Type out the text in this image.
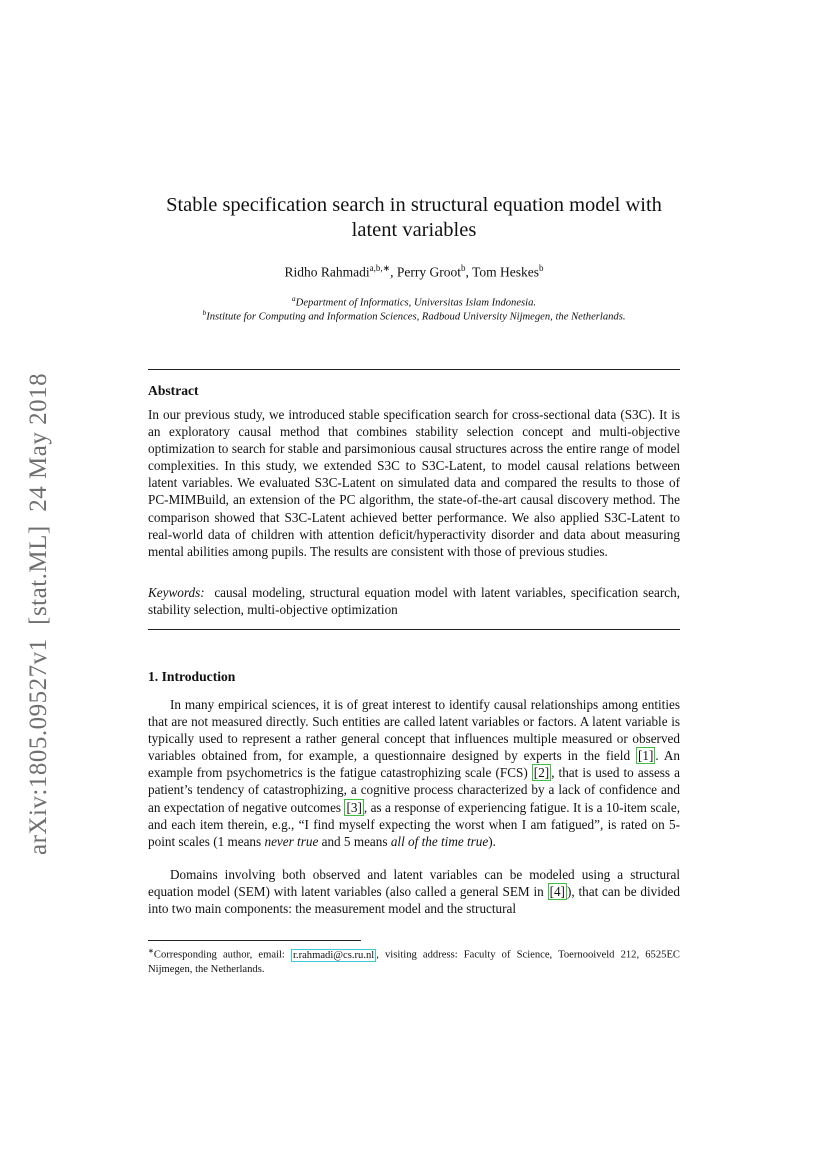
arXiv:1805.09527v1  [stat.ML]  24 May 2018
Stable specification search in structural equation model with
latent variables
Ridho Rahmadi$^{a,b,∗}$, Perry Groot$^b$, Tom Heskes$^b$
$^a$Department of Informatics, Universitas Islam Indonesia.
$^b$Institute for Computing and Information Sciences, Radboud University Nijmegen, the Netherlands.
Abstract
In our previous study, we introduced stable specification search for cross-sectional data (S3C). It is an exploratory causal method that combines stability selection concept and multi-objective optimization to search for stable and parsimonious causal structures across the entire range of model complexities. In this study, we extended S3C to S3C-Latent, to model causal relations between latent variables. We evaluated S3C-Latent on simulated data and compared the results to those of PC-MIMBuild, an extension of the PC algorithm, the state-of-the-art causal discovery method. The comparison showed that S3C-Latent achieved better performance. We also applied S3C-Latent to real-world data of children with attention deficit/hyperactivity disorder and data about measuring mental abilities among pupils. The results are consistent with those of previous studies.
Keywords: causal modeling, structural equation model with latent variables, specification search, stability selection, multi-objective optimization
1. Introduction
In many empirical sciences, it is of great interest to identify causal relationships among entities that are not measured directly. Such entities are called latent variables or factors. A latent variable is typically used to represent a rather general concept that influences multiple measured or observed variables obtained from, for example, a questionnaire designed by experts in the field [1] . An example from psychometrics is the fatigue catastrophizing scale (FCS) [2] , that is used to assess a patient’s tendency of catastrophizing, a cognitive process characterized by a lack of confidence and an expectation of negative outcomes [3] , as a response of experiencing fatigue. It is a 10-item scale, and each item therein, e.g., “I find myself expecting the worst when I am fatigued”, is rated on 5-point scales (1 means never true and 5 means all of the time true).
Domains involving both observed and latent variables can be modeled using a structural equation model (SEM) with latent variables (also called a general SEM in [4] ), that can be divided into two main components: the measurement model and the structural
∗Corresponding author, email: r.rahmadi@cs.ru.nl , visiting address: Faculty of Science, Toernooiveld 212, 6525EC Nijmegen, the Netherlands.
